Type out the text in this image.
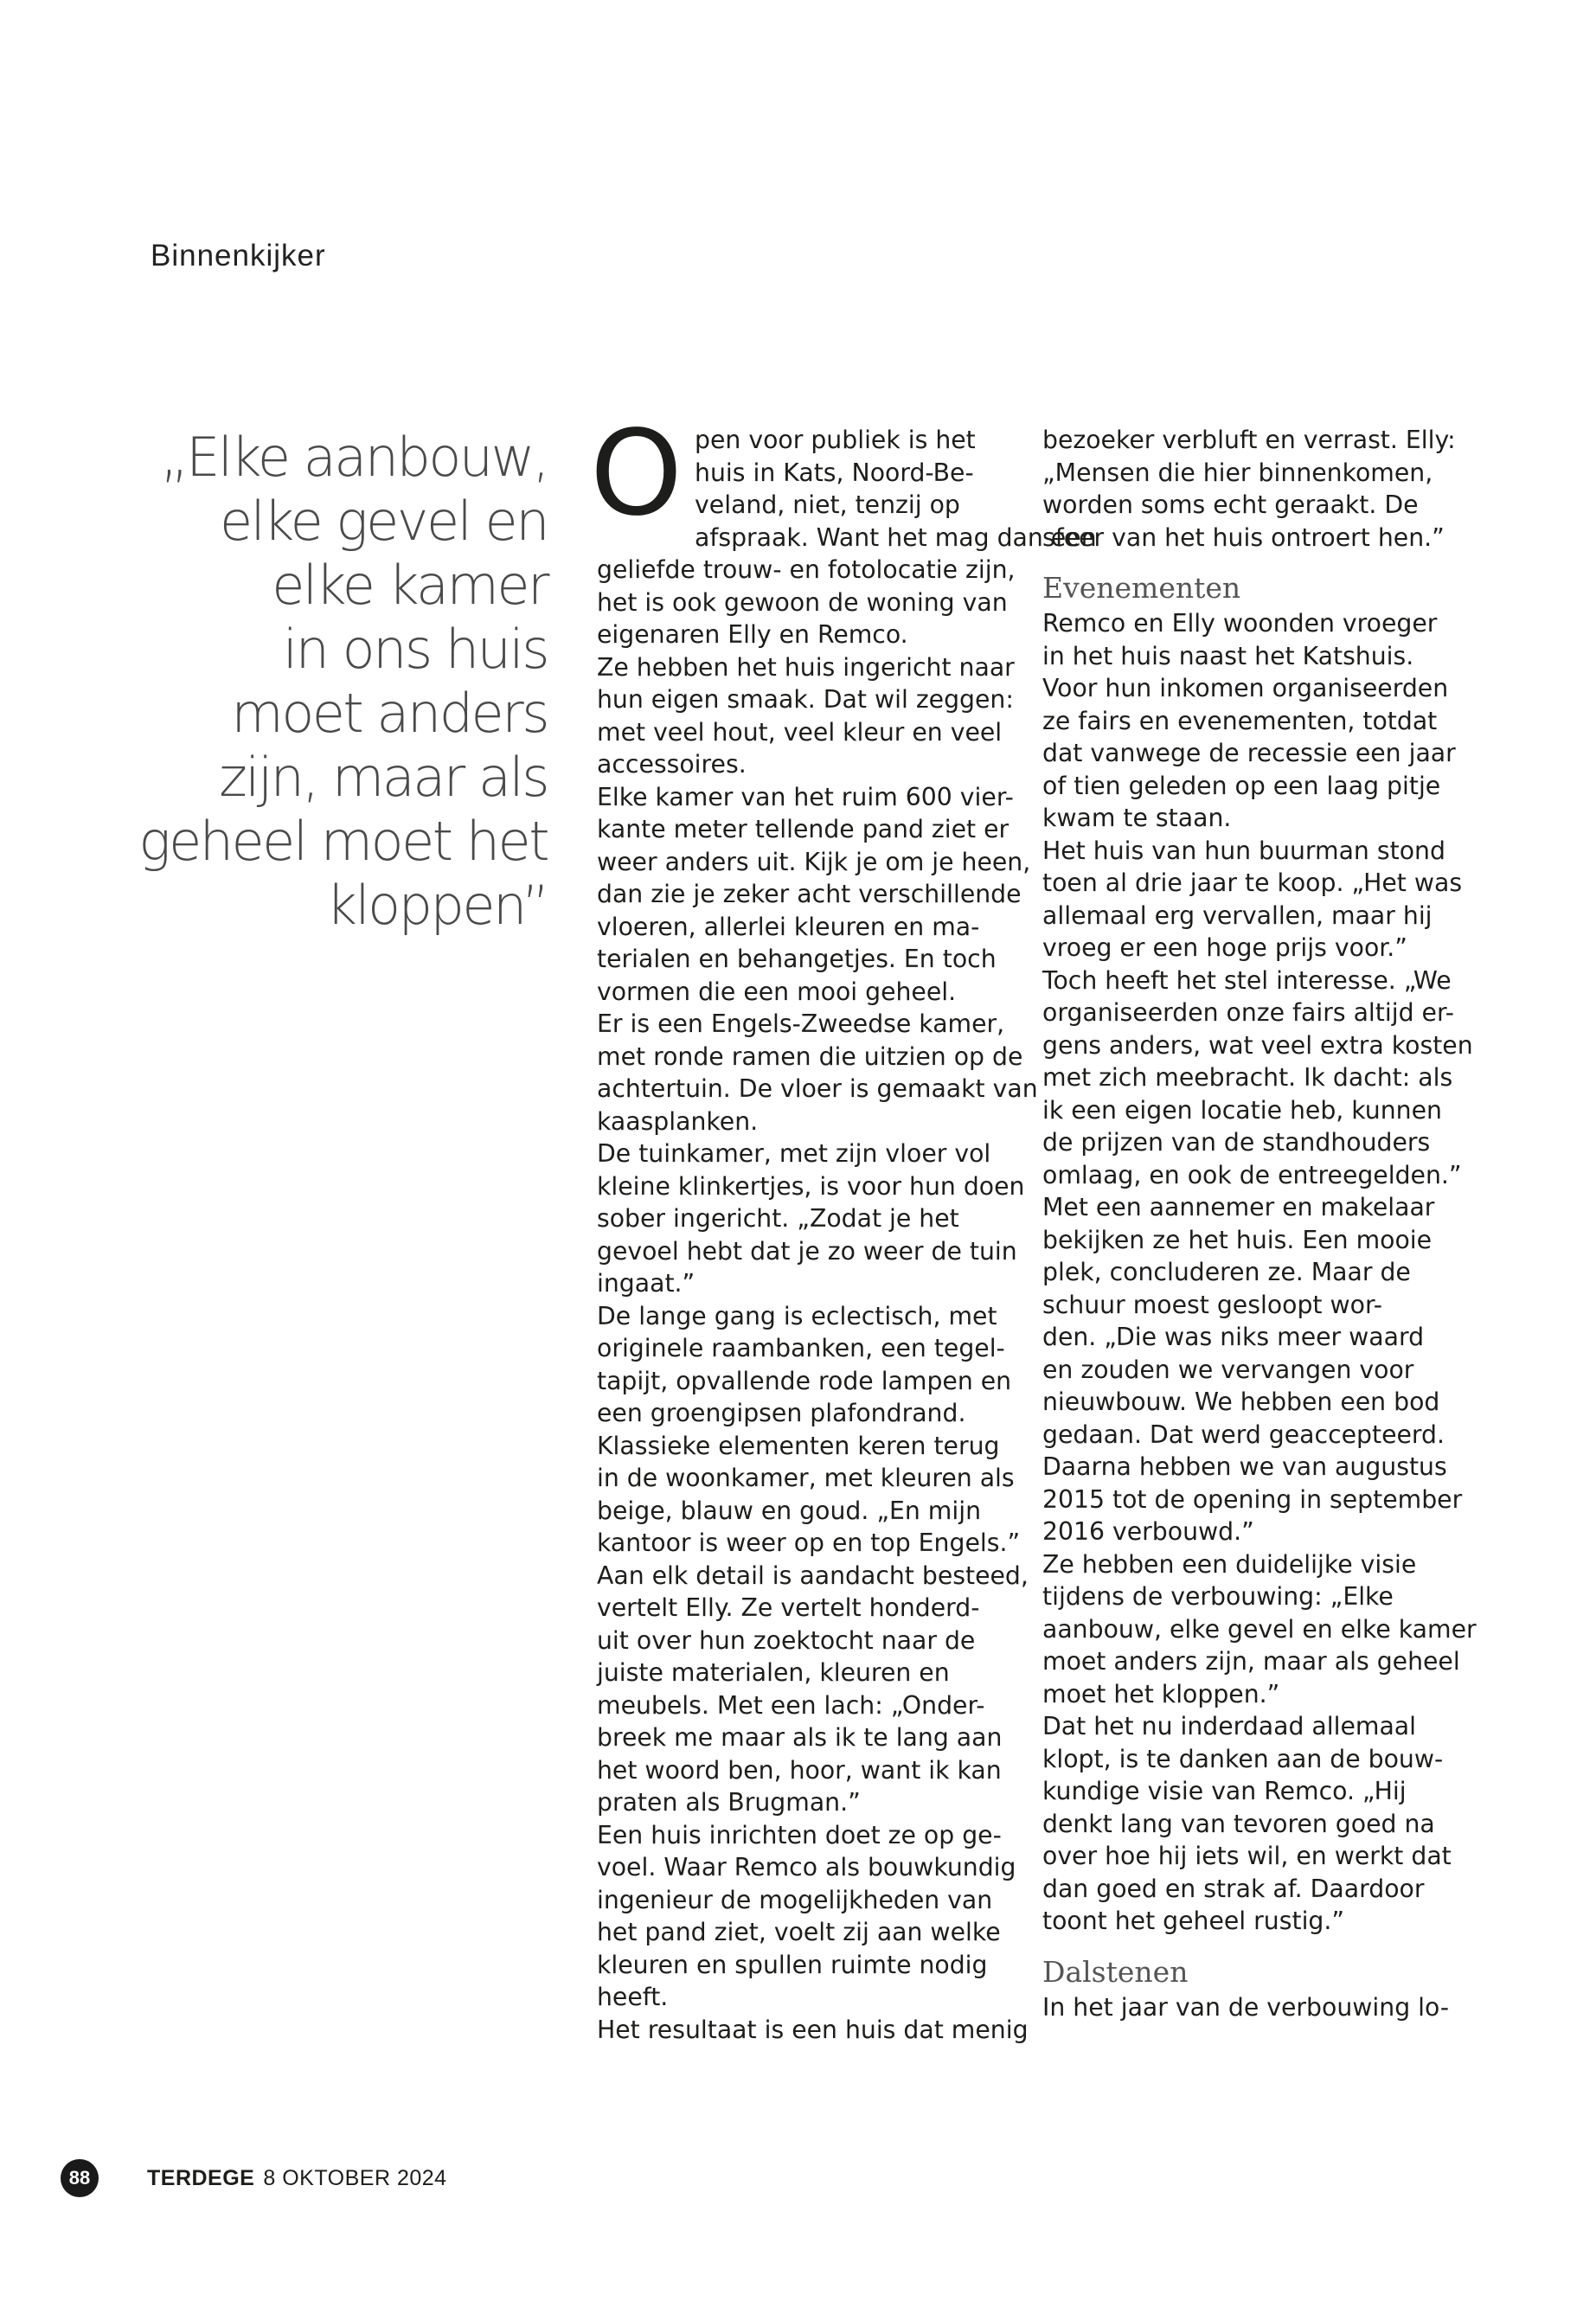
Binnenkijker
„Elke aanbouw,
elke gevel en
elke kamer
in ons huis
moet anders
zijn, maar als
geheel moet het
kloppen”
O pen voor publiek is het
huis in Kats, Noord-Be-
veland, niet, tenzij op
afspraak. Want het mag dan een
geliefde trouw- en fotolocatie zijn,
het is ook gewoon de woning van
eigenaren Elly en Remco.
Ze hebben het huis ingericht naar
hun eigen smaak. Dat wil zeggen:
met veel hout, veel kleur en veel
accessoires.
Elke kamer van het ruim 600 vier-
kante meter tellende pand ziet er
weer anders uit. Kijk je om je heen,
dan zie je zeker acht verschillende
vloeren, allerlei kleuren en ma-
terialen en behangetjes. En toch
vormen die een mooi geheel.
Er is een Engels-Zweedse kamer,
met ronde ramen die uitzien op de
achtertuin. De vloer is gemaakt van
kaasplanken.
De tuinkamer, met zijn vloer vol
kleine klinkertjes, is voor hun doen
sober ingericht. „Zodat je het
gevoel hebt dat je zo weer de tuin
ingaat.”
De lange gang is eclectisch, met
originele raambanken, een tegel-
tapijt, opvallende rode lampen en
een groengipsen plafondrand.
Klassieke elementen keren terug
in de woonkamer, met kleuren als
beige, blauw en goud. „En mijn
kantoor is weer op en top Engels.”
Aan elk detail is aandacht besteed,
vertelt Elly. Ze vertelt honderd-
uit over hun zoektocht naar de
juiste materialen, kleuren en
meubels. Met een lach: „Onder-
breek me maar als ik te lang aan
het woord ben, hoor, want ik kan
praten als Brugman.”
Een huis inrichten doet ze op ge-
voel. Waar Remco als bouwkundig
ingenieur de mogelijkheden van
het pand ziet, voelt zij aan welke
kleuren en spullen ruimte nodig
heeft.
Het resultaat is een huis dat menig
bezoeker verbluft en verrast. Elly:
„Mensen die hier binnenkomen,
worden soms echt geraakt. De
sfeer van het huis ontroert hen.”
Evenementen
Remco en Elly woonden vroeger
in het huis naast het Katshuis.
Voor hun inkomen organiseerden
ze fairs en evenementen, totdat
dat vanwege de recessie een jaar
of tien geleden op een laag pitje
kwam te staan.
Het huis van hun buurman stond
toen al drie jaar te koop. „Het was
allemaal erg vervallen, maar hij
vroeg er een hoge prijs voor.”
Toch heeft het stel interesse. „We
organiseerden onze fairs altijd er-
gens anders, wat veel extra kosten
met zich meebracht. Ik dacht: als
ik een eigen locatie heb, kunnen
de prijzen van de standhouders
omlaag, en ook de entreegelden.”
Met een aannemer en makelaar
bekijken ze het huis. Een mooie
plek, concluderen ze. Maar de
schuur moest gesloopt wor-
den. „Die was niks meer waard
en zouden we vervangen voor
nieuwbouw. We hebben een bod
gedaan. Dat werd geaccepteerd.
Daarna hebben we van augustus
2015 tot de opening in september
2016 verbouwd.”
Ze hebben een duidelijke visie
tijdens de verbouwing: „Elke
aanbouw, elke gevel en elke kamer
moet anders zijn, maar als geheel
moet het kloppen.”
Dat het nu inderdaad allemaal
klopt, is te danken aan de bouw-
kundige visie van Remco. „Hij
denkt lang van tevoren goed na
over hoe hij iets wil, en werkt dat
dan goed en strak af. Daardoor
toont het geheel rustig.”
Dalstenen
In het jaar van de verbouwing lo-
88	TERDEGE 8 OKTOBER 2024
